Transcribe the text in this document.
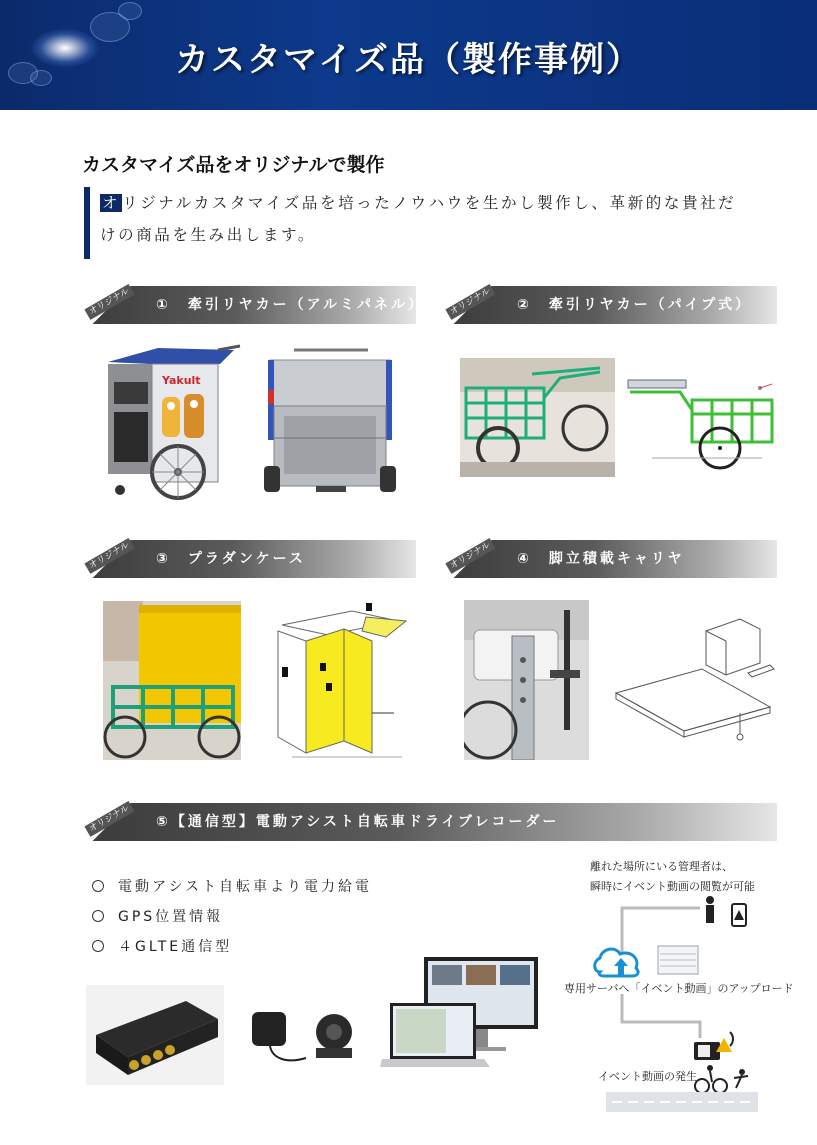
カスタマイズ品（製作事例）
カスタマイズ品をオリジナルで製作
オ リジナルカスタマイズ品を培ったノウハウを生かし製作し、革新的な貴社だ
けの商品を生み出します。
オリジナル ①　牽引リヤカー（アルミパネル）	オリジナル ②　牽引リヤカー（パイプ式）
Yakult
オリジナル ③　プラダンケース	オリジナル ④　脚立積載キャリヤ
オリジナル ⑤【通信型】電動アシスト自転車ドライブレコーダー
電動アシスト自転車より電力給電
GPS位置情報
４GLTE通信型
離れた場所にいる管理者は、
瞬時にイベント動画の閲覧が可能
専用サーバへ「イベント動画」のアップロード
イベント動画の発生
